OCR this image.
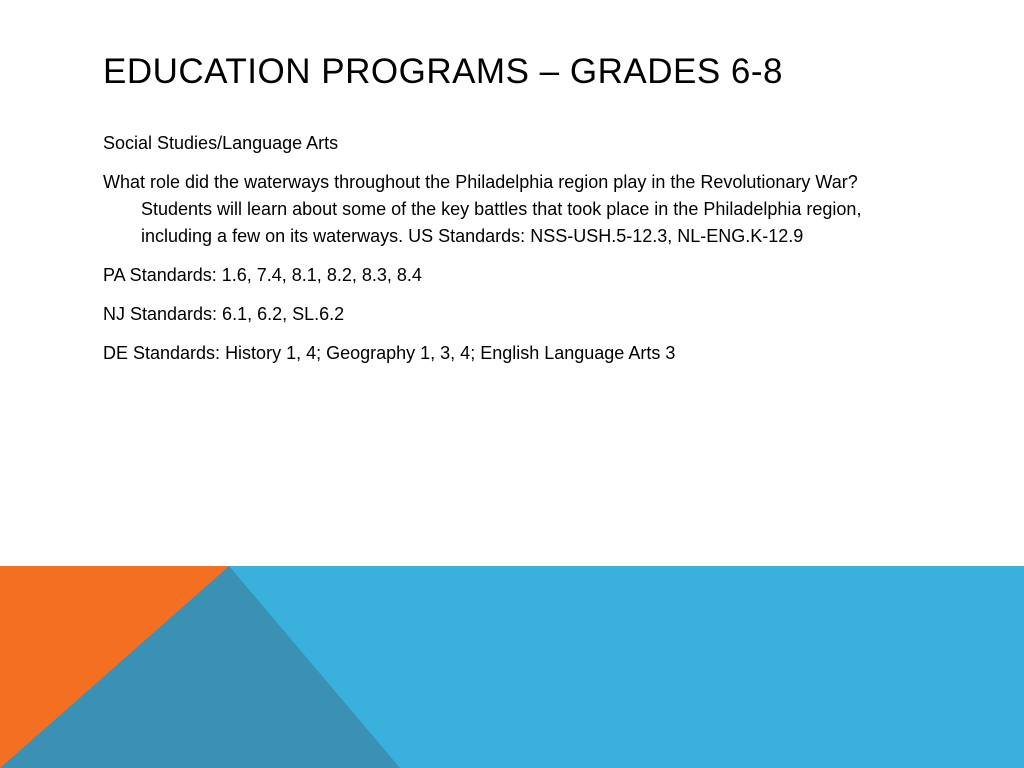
EDUCATION PROGRAMS – GRADES 6-8

Social Studies/Language Arts

What role did the waterways throughout the Philadelphia region play in the Revolutionary War? Students will learn about some of the key battles that took place in the Philadelphia region, including a few on its waterways. US Standards: NSS-USH.5-12.3, NL-ENG.K-12.9

PA Standards: 1.6, 7.4, 8.1, 8.2, 8.3, 8.4

NJ Standards: 6.1, 6.2, SL.6.2

DE Standards: History 1, 4; Geography 1, 3, 4; English Language Arts 3
